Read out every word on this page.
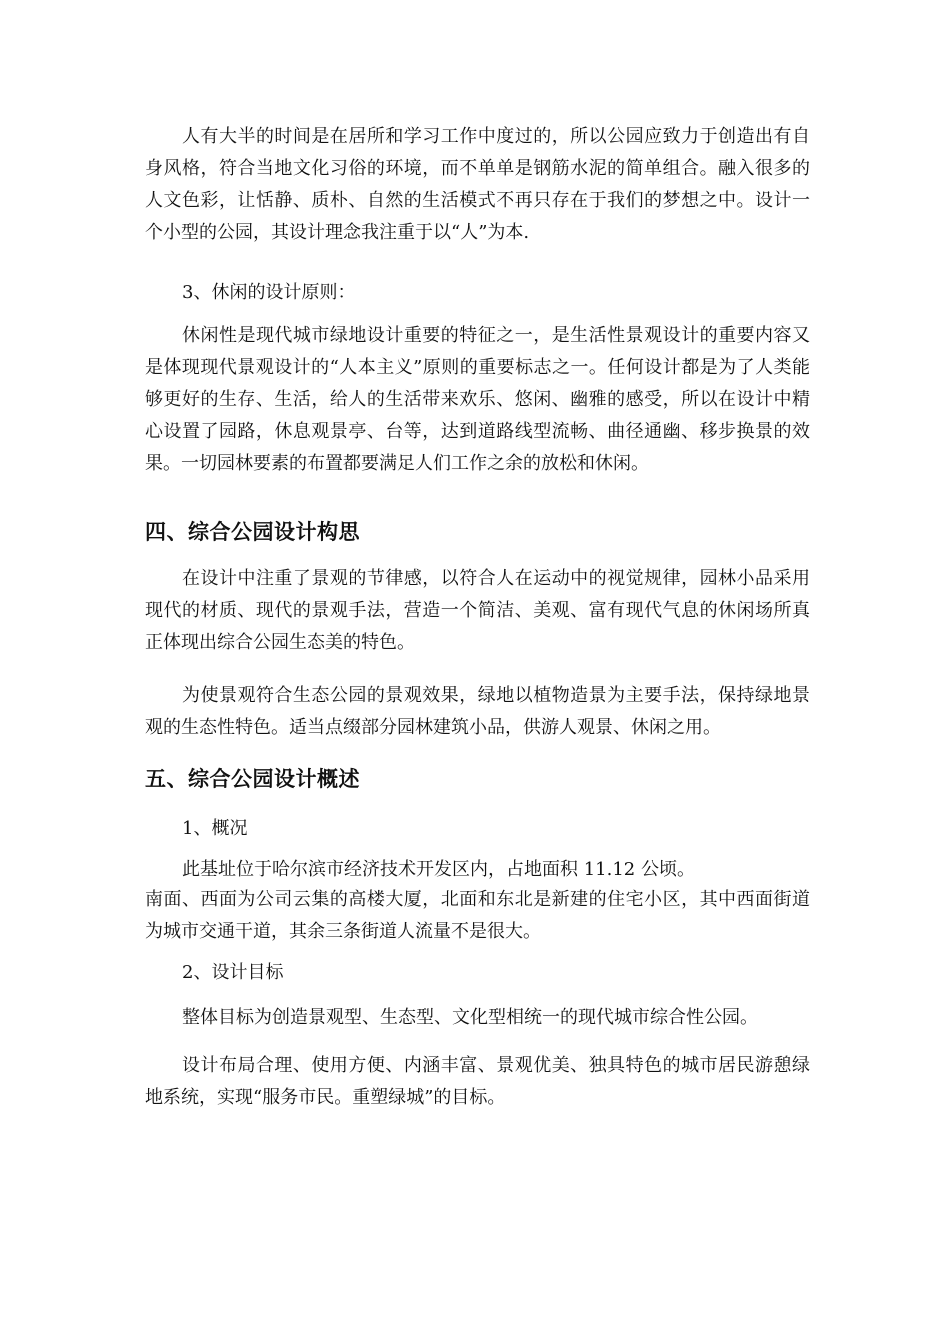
人有大半的时间是在居所和学习工作中度过的，所以公园应致力于创造出有自身风格，符合当地文化习俗的环境，而不单单是钢筋水泥的简单组合。融入很多的人文色彩，让恬静、质朴、自然的生活模式不再只存在于我们的梦想之中。设计一个小型的公园，其设计理念我注重于以“人”为本.
3、休闲的设计原则：
休闲性是现代城市绿地设计重要的特征之一，是生活性景观设计的重要内容又是体现现代景观设计的“人本主义”原则的重要标志之一。任何设计都是为了人类能够更好的生存、生活，给人的生活带来欢乐、悠闲、幽雅的感受，所以在设计中精心设置了园路，休息观景亭、台等，达到道路线型流畅、曲径通幽、移步换景的效果。一切园林要素的布置都要满足人们工作之余的放松和休闲。
四、综合公园设计构思
在设计中注重了景观的节律感，以符合人在运动中的视觉规律，园林小品采用现代的材质、现代的景观手法，营造一个简洁、美观、富有现代气息的休闲场所真正体现出综合公园生态美的特色。
为使景观符合生态公园的景观效果，绿地以植物造景为主要手法，保持绿地景观的生态性特色。适当点缀部分园林建筑小品，供游人观景、休闲之用。
五、综合公园设计概述
1、概况
此基址位于哈尔滨市经济技术开发区内，占地面积 11.12 公顷。
南面、西面为公司云集的高楼大厦，北面和东北是新建的住宅小区，其中西面街道为城市交通干道，其余三条街道人流量不是很大。
2、设计目标
整体目标为创造景观型、生态型、文化型相统一的现代城市综合性公园。
设计布局合理、使用方便、内涵丰富、景观优美、独具特色的城市居民游憩绿地系统，实现“服务市民。重塑绿城”的目标。
